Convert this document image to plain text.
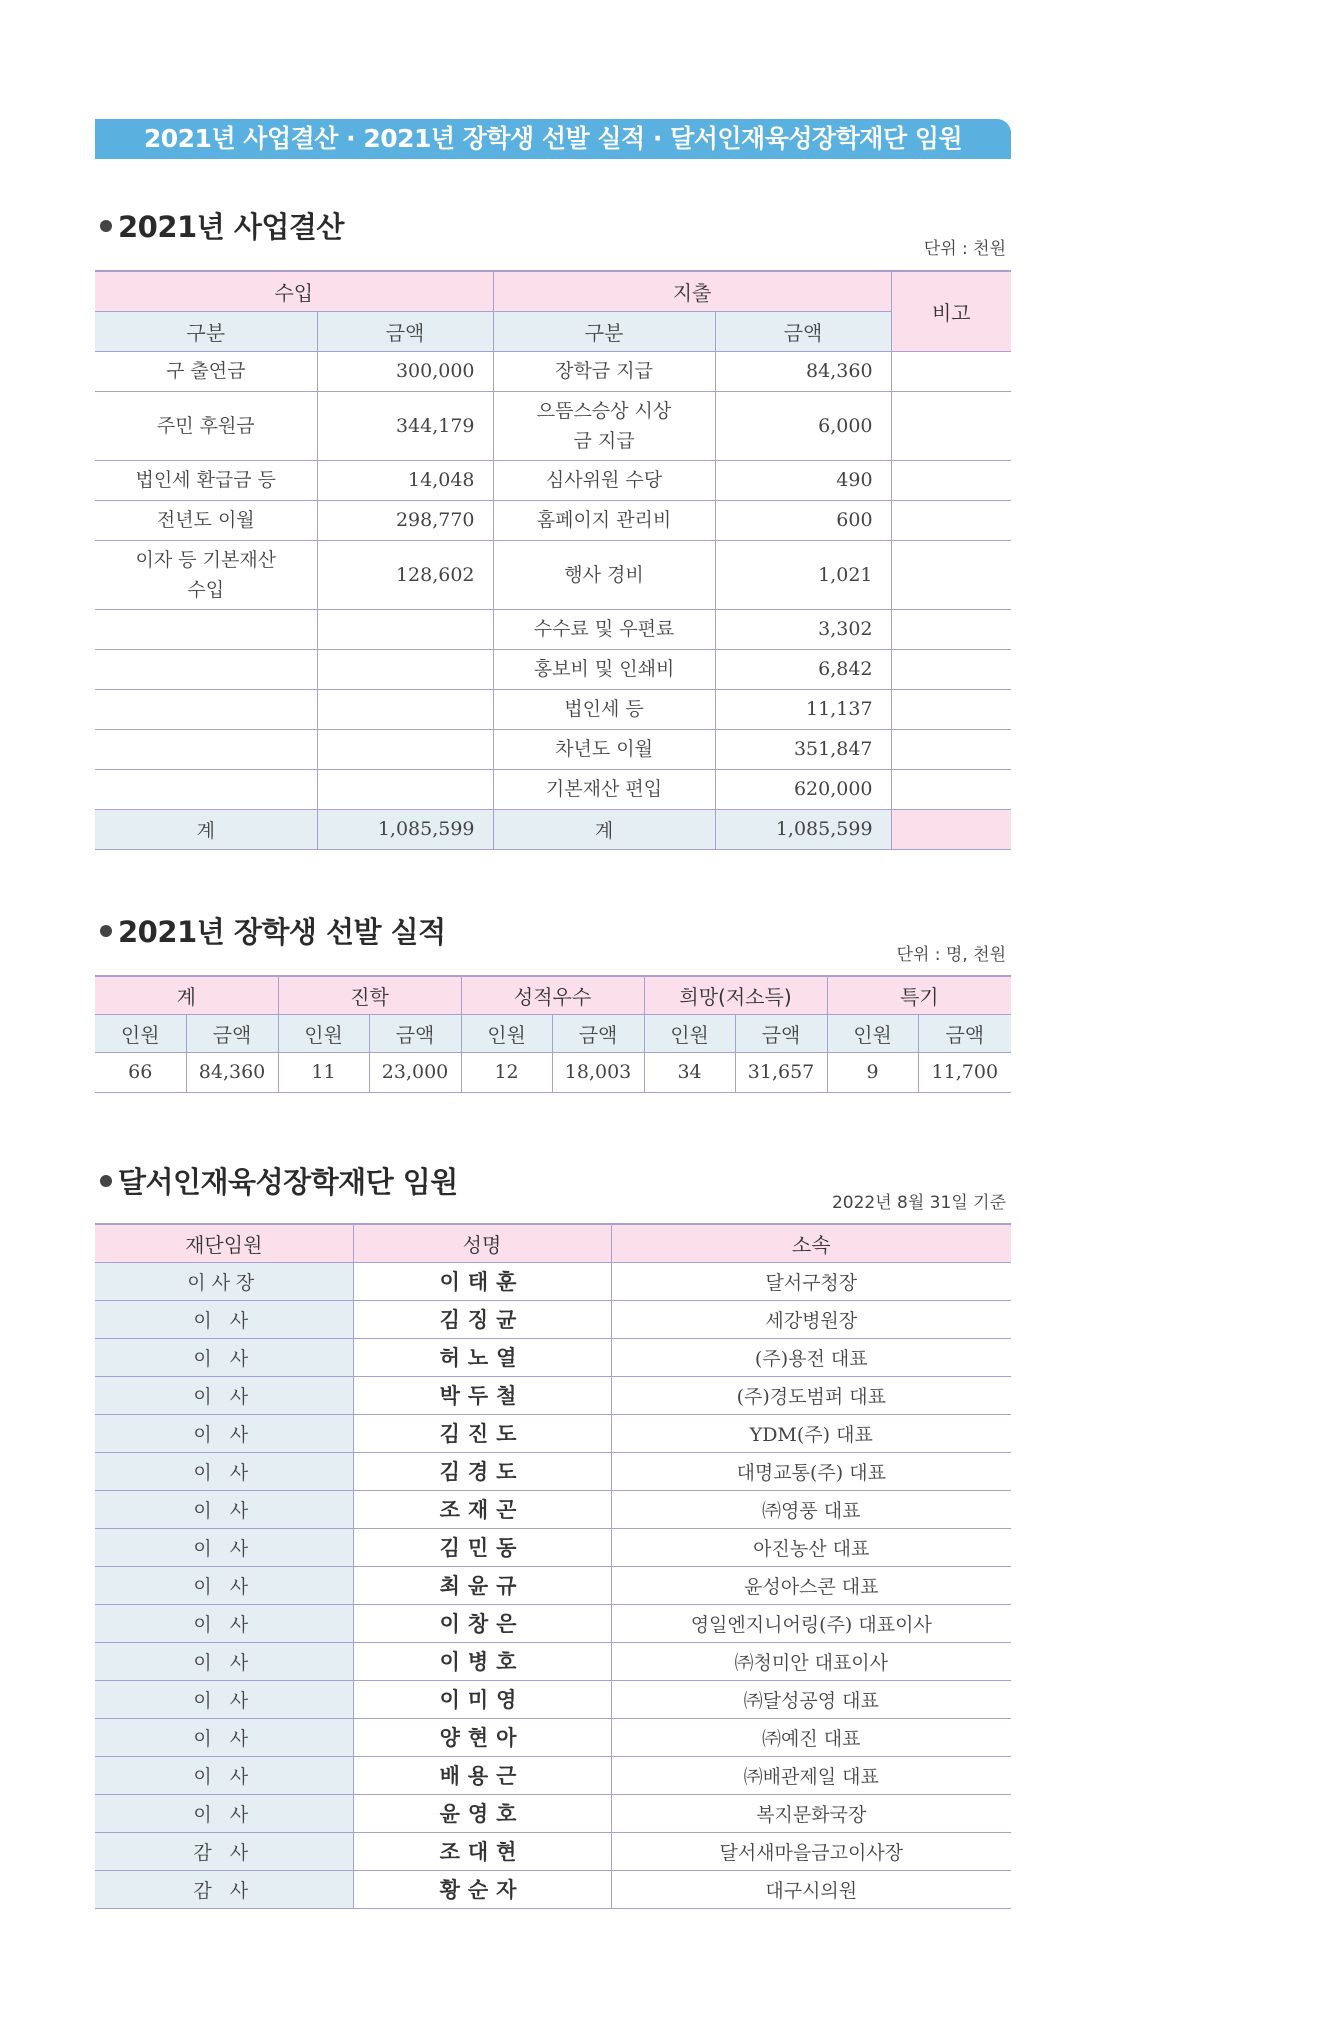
2021년 사업결산 · 2021년 장학생 선발 실적 · 달서인재육성장학재단 임원
2021년 사업결산
단위 : 천원
수입		지출		비고
구분	금액	구분	금액	
구 출연금	300,000	장학금 지급	84,360	
주민 후원금	344,179	으뜸스승상 시상금 지급	6,000	
법인세 환급금 등	14,048	심사위원 수당	490	
전년도 이월	298,770	홈페이지 관리비	600	
이자 등 기본재산 수입	128,602	행사 경비	1,021	
		수수료 및 우편료	3,302	
		홍보비 및 인쇄비	6,842	
		법인세 등	11,137	
		차년도 이월	351,847	
		기본재산 편입	620,000	
계	1,085,599	계	1,085,599	
2021년 장학생 선발 실적
단위 : 명, 천원
계		진학		성적우수		희망(저소득)		특기	
인원	금액	인원	금액	인원	금액	인원	금액	인원	금액
66	84,360	11	23,000	12	18,003	34	31,657	9	11,700
달서인재육성장학재단 임원
2022년 8월 31일 기준
재단임원	성명	소속
이사장	이태훈	달서구청장
이 사	김징균	세강병원장
이 사	허노열	(주)용전 대표
이 사	박두철	(주)경도범퍼 대표
이 사	김진도	YDM(주) 대표
이 사	김경도	대명교통(주) 대표
이 사	조재곤	㈜영풍 대표
이 사	김민동	아진농산 대표
이 사	최윤규	윤성아스콘 대표
이 사	이창은	영일엔지니어링(주) 대표이사
이 사	이병호	㈜청미안 대표이사
이 사	이미영	㈜달성공영 대표
이 사	양현아	㈜예진 대표
이 사	배용근	㈜배관제일 대표
이 사	윤영호	복지문화국장
감 사	조대현	달서새마을금고이사장
감 사	황순자	대구시의원
